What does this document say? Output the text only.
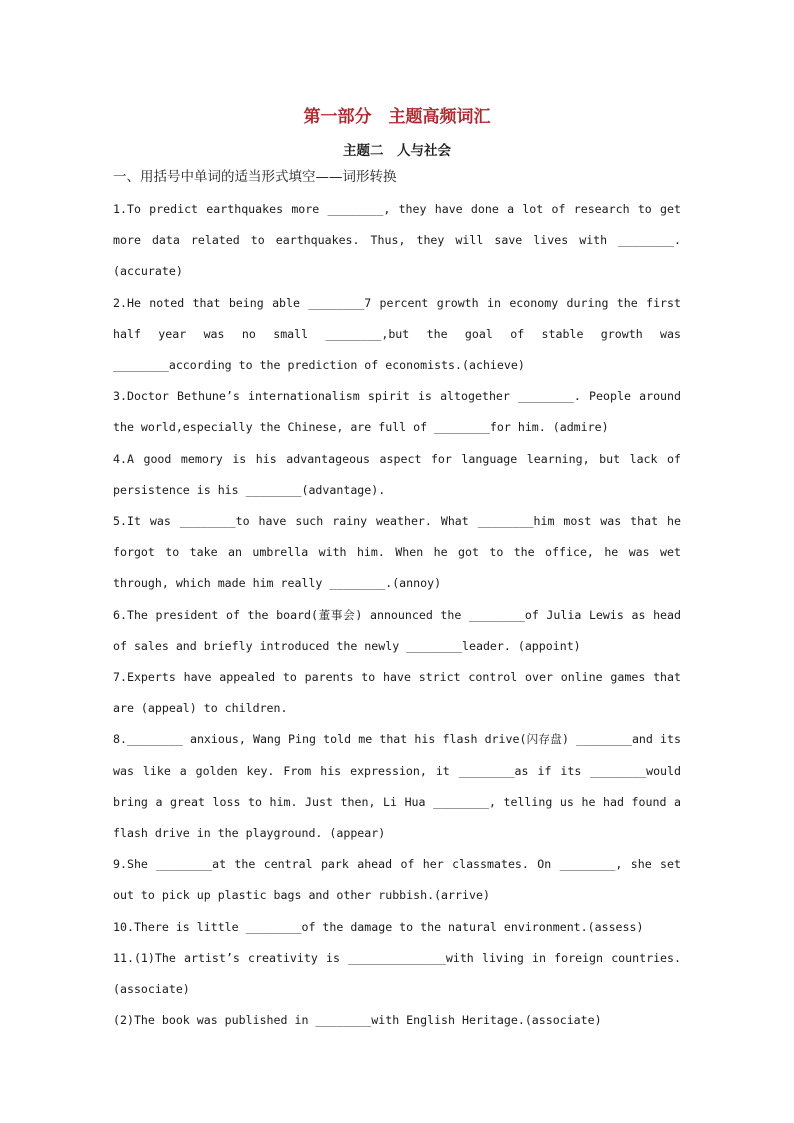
第一部分　主题高频词汇
主题二　人与社会
一、用括号中单词的适当形式填空——词形转换

1.To predict earthquakes more ________, they have done a lot of research to get more data related to earthquakes. Thus, they will save lives with ________. (accurate)

2.He noted that being able ________7 percent growth in economy during the first half year was no small ________,but the goal of stable growth was ________according to the prediction of economists.(achieve)

3.Doctor Bethune’s internationalism spirit is altogether ________. People around the world,especially the Chinese, are full of ________for him. (admire)

4.A good memory is his advantageous aspect for language learning, but lack of persistence is his ________(advantage).

5.It was ________to have such rainy weather. What ________him most was that he forgot to take an umbrella with him. When he got to the office, he was wet through, which made him really ________.(annoy)

6.The president of the board(董事会) announced the ________of Julia Lewis as head of sales and briefly introduced the newly ________leader. (appoint)

7.Experts have appealed to parents to have strict control over online games that are (appeal) to children.

8.________ anxious, Wang Ping told me that his flash drive(闪存盘) ________and its was like a golden key. From his expression, it ________as if its ________would bring a great loss to him. Just then, Li Hua ________, telling us he had found a flash drive in the playground. (appear)

9.She ________at the central park ahead of her classmates. On ________, she set out to pick up plastic bags and other rubbish.(arrive)

10.There is little ________of the damage to the natural environment.(assess)

11.(1)The artist’s creativity is ______________with living in foreign countries.(associate)

(2)The book was published in ________with English Heritage.(associate)
